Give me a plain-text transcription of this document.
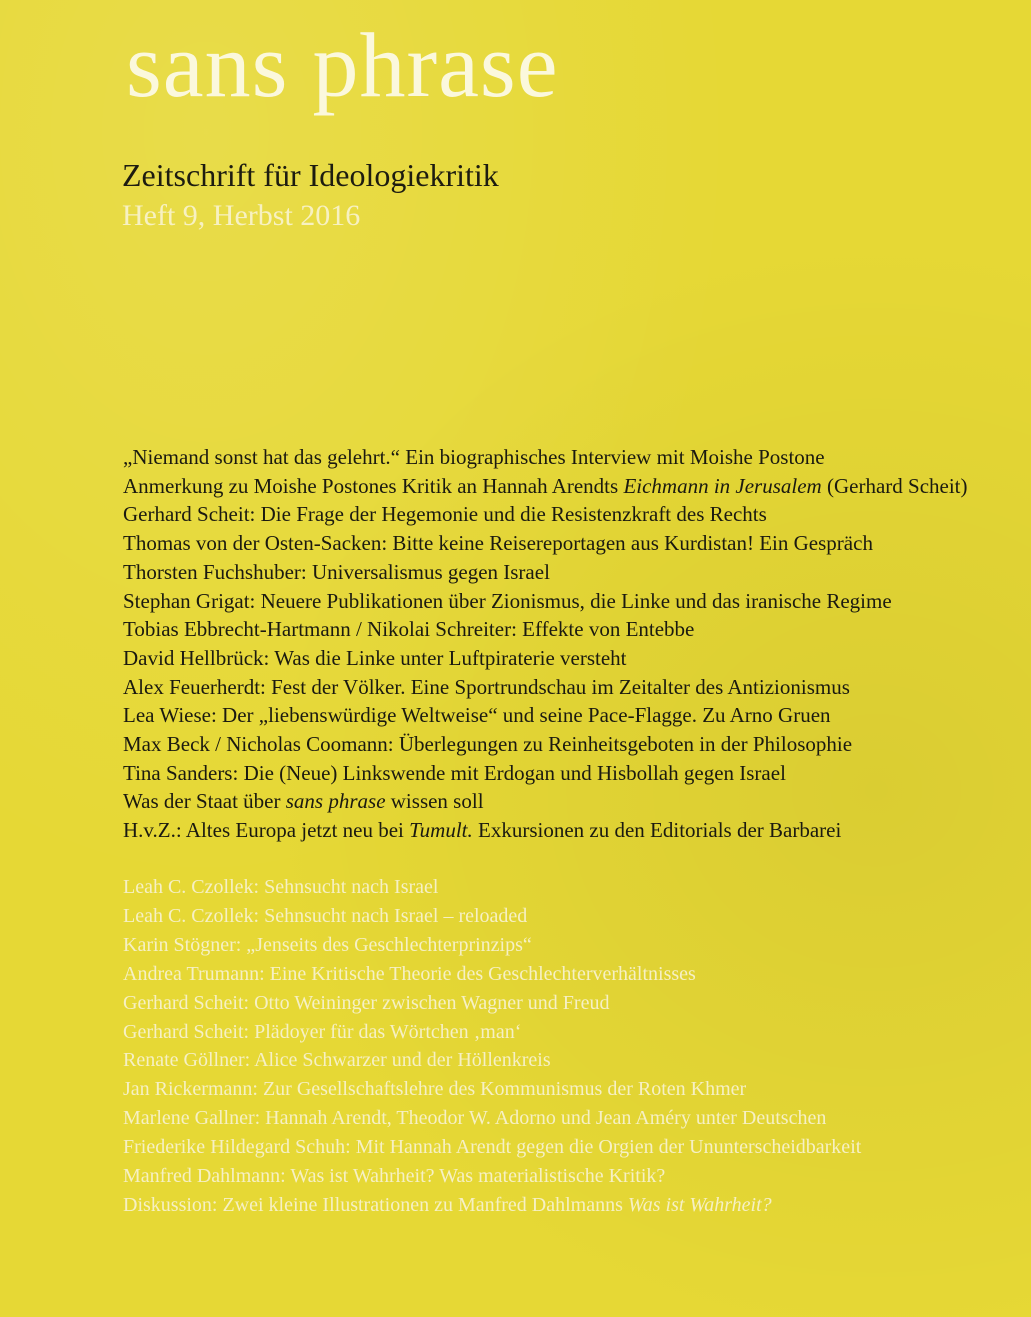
sans phrase

Zeitschrift für Ideologiekritik

Heft 9, Herbst 2016

„Niemand sonst hat das gelehrt.“ Ein biographisches Interview mit Moishe Postone
Anmerkung zu Moishe Postones Kritik an Hannah Arendts Eichmann in Jerusalem (Gerhard Scheit)
Gerhard Scheit: Die Frage der Hegemonie und die Resistenzkraft des Rechts
Thomas von der Osten-Sacken: Bitte keine Reisereportagen aus Kurdistan! Ein Gespräch
Thorsten Fuchshuber: Universalismus gegen Israel
Stephan Grigat: Neuere Publikationen über Zionismus, die Linke und das iranische Regime
Tobias Ebbrecht-Hartmann / Nikolai Schreiter: Effekte von Entebbe
David Hellbrück: Was die Linke unter Luftpiraterie versteht
Alex Feuerherdt: Fest der Völker. Eine Sportrundschau im Zeitalter des Antizionismus
Lea Wiese: Der „liebenswürdige Weltweise“ und seine Pace-Flagge. Zu Arno Gruen
Max Beck / Nicholas Coomann: Überlegungen zu Reinheitsgeboten in der Philosophie
Tina Sanders: Die (Neue) Linkswende mit Erdogan und Hisbollah gegen Israel
Was der Staat über sans phrase wissen soll
H.v.Z.: Altes Europa jetzt neu bei Tumult. Exkursionen zu den Editorials der Barbarei
Leah C. Czollek: Sehnsucht nach Israel
Leah C. Czollek: Sehnsucht nach Israel – reloaded
Karin Stögner: „Jenseits des Geschlechterprinzips“
Andrea Trumann: Eine Kritische Theorie des Geschlechterverhältnisses
Gerhard Scheit: Otto Weininger zwischen Wagner und Freud
Gerhard Scheit: Plädoyer für das Wörtchen ‚man‘
Renate Göllner: Alice Schwarzer und der Höllenkreis
Jan Rickermann: Zur Gesellschaftslehre des Kommunismus der Roten Khmer
Marlene Gallner: Hannah Arendt, Theodor W. Adorno und Jean Améry unter Deutschen
Friederike Hildegard Schuh: Mit Hannah Arendt gegen die Orgien der Ununterscheidbarkeit
Manfred Dahlmann: Was ist Wahrheit? Was materialistische Kritik?
Diskussion: Zwei kleine Illustrationen zu Manfred Dahlmanns Was ist Wahrheit?
